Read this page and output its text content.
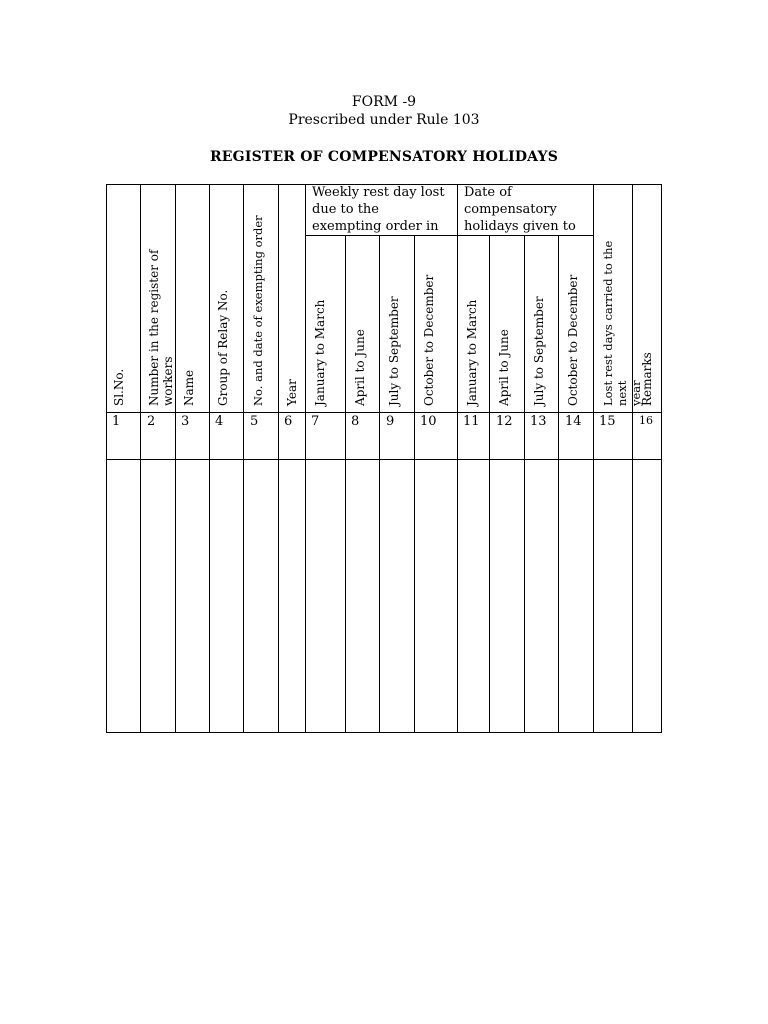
FORM -9
Prescribed under Rule 103
REGISTER OF COMPENSATORY HOLIDAYS
Weekly rest day lost
due to the
exempting order in
Date of
compensatory
holidays given to
Sl.No. Number in the register of
workers Name Group of Relay No. No. and date of exempting order Year January to March April to June July to September October to December January to March April to June July to September October to December Lost rest days carried to the next
year
Remarks
1 2 3 4 5 6 7 8 9 10 11 12 13 14 15 16
